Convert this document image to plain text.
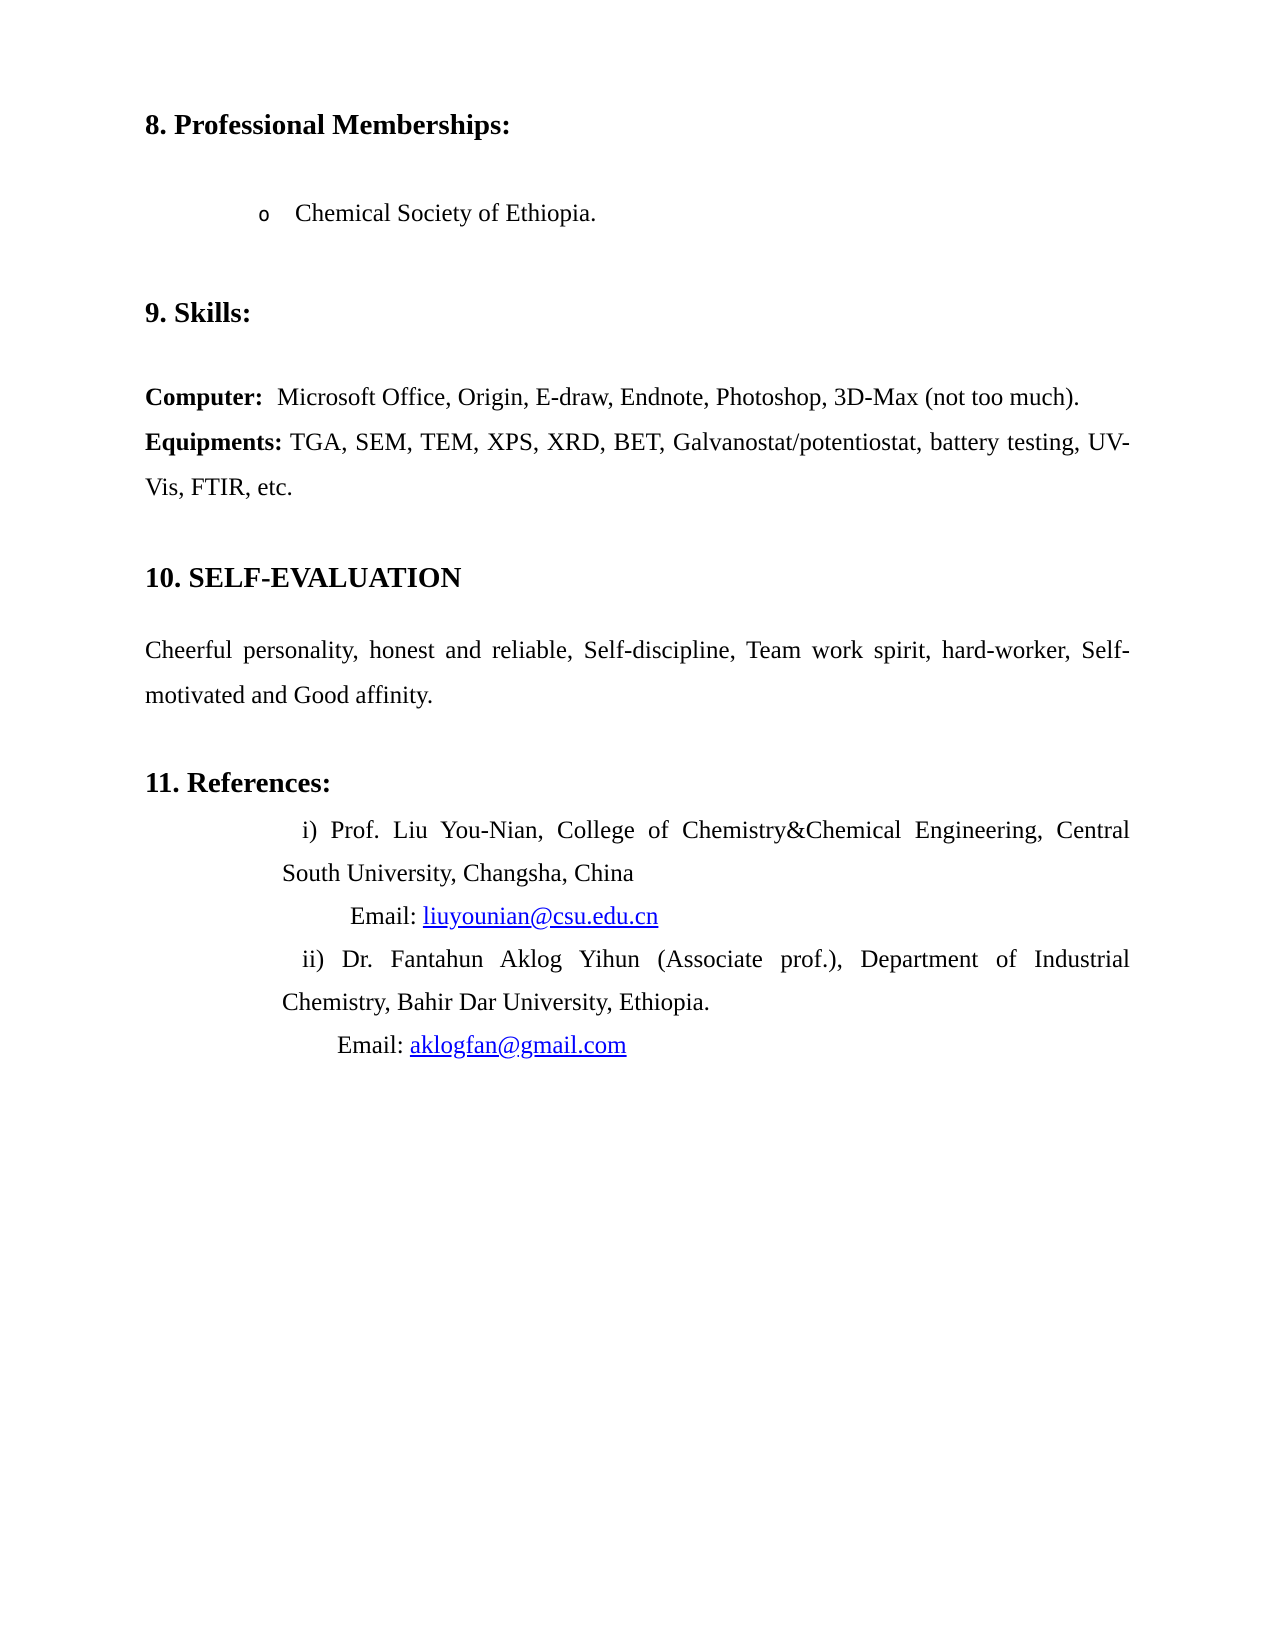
8. Professional Memberships:
o Chemical Society of Ethiopia.
9. Skills:

Computer: Microsoft Office, Origin, E-draw, Endnote, Photoshop, 3D-Max (not too much).

Equipments: TGA, SEM, TEM, XPS, XRD, BET, Galvanostat/potentiostat, battery testing, UV-Vis, FTIR, etc.

10. SELF-EVALUATION

Cheerful personality, honest and reliable, Self-discipline, Team work spirit, hard-worker, Self-motivated and Good affinity.

11. References:

i) Prof. Liu You-Nian, College of Chemistry&Chemical Engineering, Central South University, Changsha, China

Email: liuyounian@csu.edu.cn

ii) Dr. Fantahun Aklog Yihun (Associate prof.), Department of Industrial Chemistry, Bahir Dar University, Ethiopia.

Email: aklogfan@gmail.com
